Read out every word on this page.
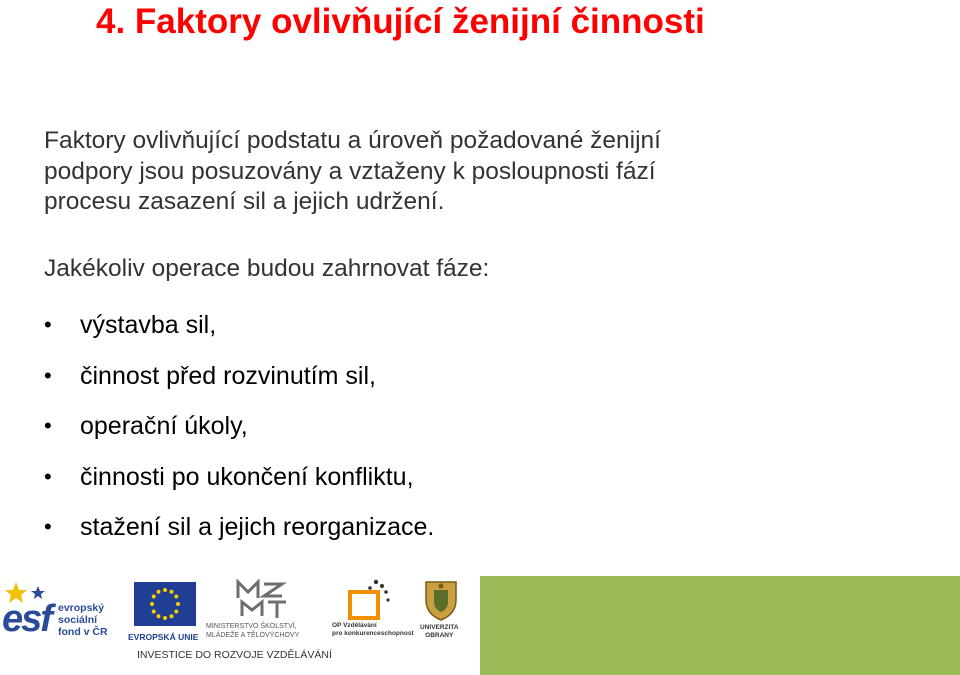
4. Faktory ovlivňující ženijní činnosti
Faktory ovlivňující podstatu a úroveň požadované ženijní
podpory jsou posuzovány a vztaženy k posloupnosti fází
procesu zasazení sil a jejich udržení.
Jakékoliv operace budou zahrnovat fáze:
• výstavba sil,
• činnost před rozvinutím sil,
• operační úkoly,
• činnosti po ukončení konfliktu,
• stažení sil a jejich reorganizace.
esf evropský
sociální
fond v ČR EVROPSKÁ UNIE
MINISTERSTVO ŠKOLSTVÍ,
MLÁDEŽE A TĚLOVÝCHOVY
OP Vzdělávání
pro konkurenceschopnost
UNIVERZITA
OBRANY
INVESTICE DO ROZVOJE VZDĚLÁVÁNÍ
